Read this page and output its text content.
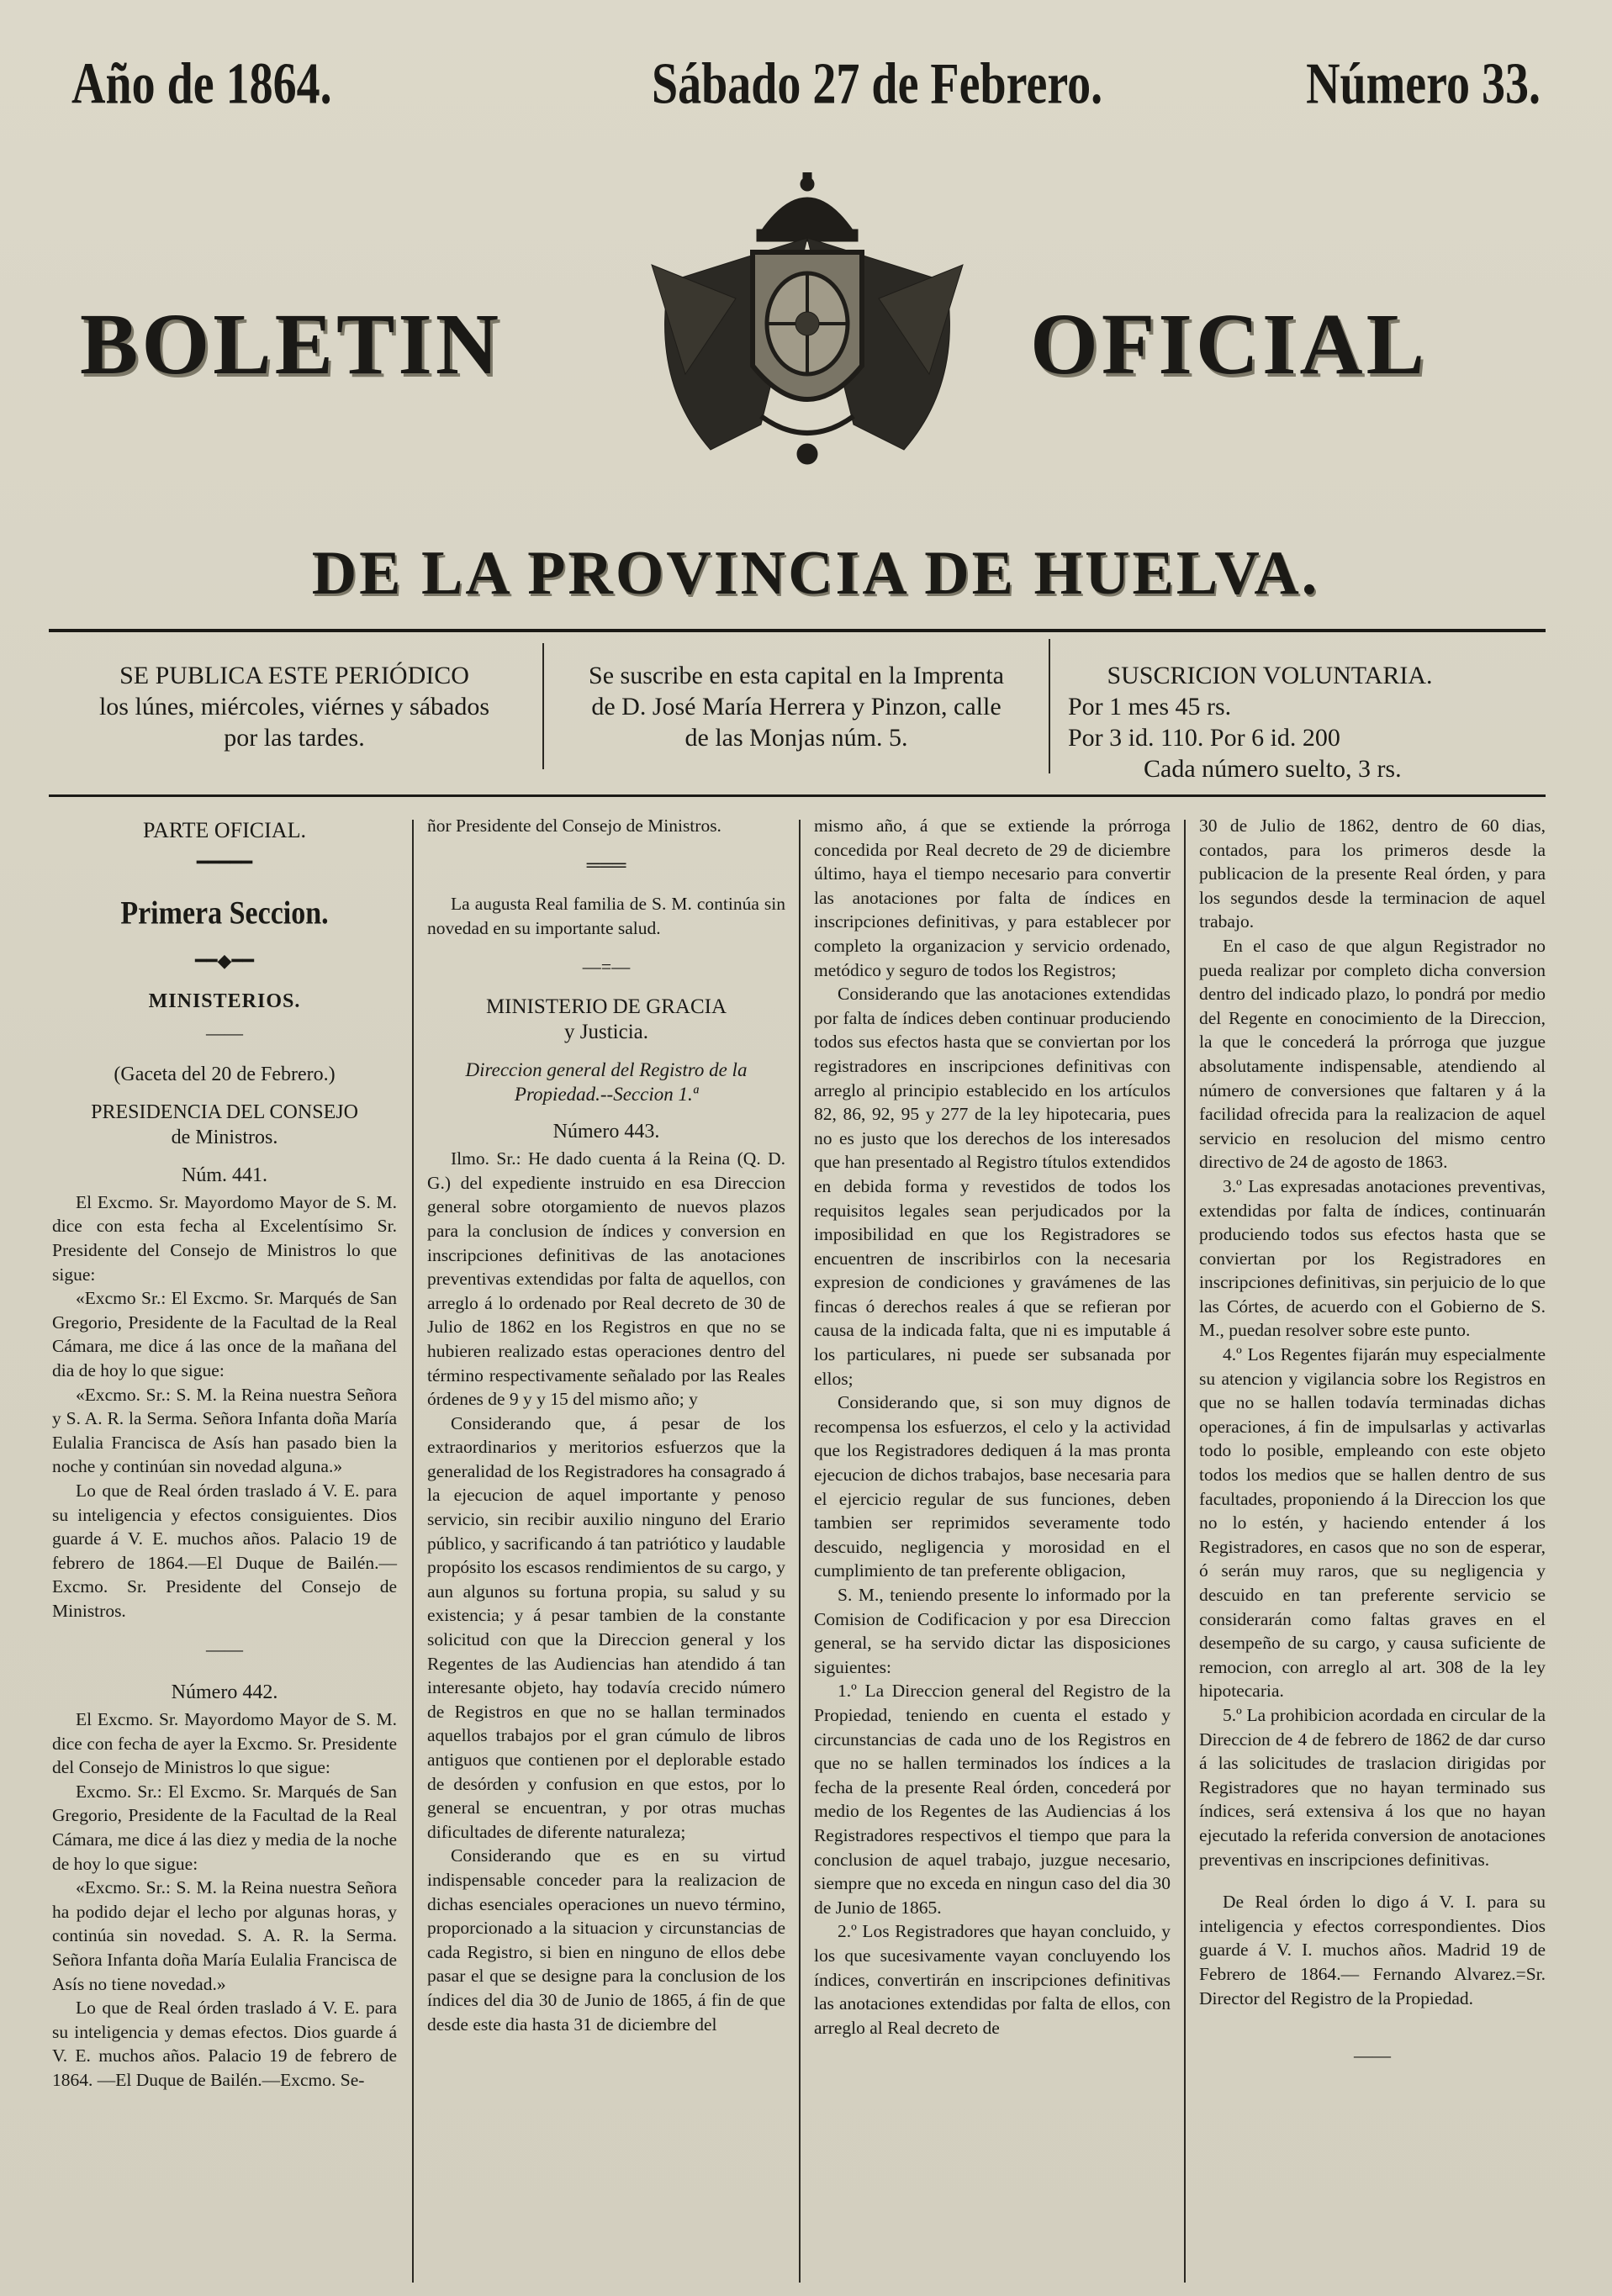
Año de 1864.	Sábado 27 de Febrero.	Número 33.
BOLETIN	OFICIAL
DE LA PROVINCIA DE HUELVA.
SE PUBLICA ESTE PERIÓDICO
los lúnes, miércoles, viérnes y sábados
por las tardes.
Se suscribe en esta capital en la Imprenta
de D. José María Herrera y Pinzon, calle
de las Monjas núm. 5.
SUSCRICION VOLUNTARIA.
Por 1 mes 45 rs.
Por 3 id. 110. Por 6 id. 200
Cada número suelto, 3 rs.

PARTE OFICIAL.

━━━━━

Primera Seccion.

━━◆━━

MINISTERIOS.

——

(Gaceta del 20 de Febrero.)

PRESIDENCIA DEL CONSEJO

de Ministros.

Núm. 441.

El Excmo. Sr. Mayordomo Mayor de S. M. dice con esta fecha al Excelentísimo Sr. Presidente del Consejo de Ministros lo que sigue:

«Excmo Sr.: El Excmo. Sr. Marqués de San Gregorio, Presidente de la Facultad de la Real Cámara, me dice á las once de la mañana del dia de hoy lo que sigue:

«Excmo. Sr.: S. M. la Reina nuestra Señora y S. A. R. la Serma. Señora Infanta doña María Eulalia Francisca de Asís han pasado bien la noche y continúan sin novedad alguna.»

Lo que de Real órden traslado á V. E. para su inteligencia y efectos consiguientes. Dios guarde á V. E. muchos años. Palacio 19 de febrero de 1864.—El Duque de Bailén.—Excmo. Sr. Presidente del Consejo de Ministros.

——

Número 442.

El Excmo. Sr. Mayordomo Mayor de S. M. dice con fecha de ayer la Excmo. Sr. Presidente del Consejo de Ministros lo que sigue:

Excmo. Sr.: El Excmo. Sr. Marqués de San Gregorio, Presidente de la Facultad de la Real Cámara, me dice á las diez y media de la noche de hoy lo que sigue:

«Excmo. Sr.: S. M. la Reina nuestra Señora ha podido dejar el lecho por algunas horas, y continúa sin novedad. S. A. R. la Serma. Señora Infanta doña María Eulalia Francisca de Asís no tiene novedad.»

Lo que de Real órden traslado á V. E. para su inteligencia y demas efectos. Dios guarde á V. E. muchos años. Palacio 19 de febrero de 1864. —El Duque de Bailén.—Excmo. Se-

ñor Presidente del Consejo de Ministros.

═══

La augusta Real familia de S. M. continúa sin novedad en su importante salud.

—=—

MINISTERIO DE GRACIA

y Justicia.

Direccion general del Registro de la Propiedad.--Seccion 1.ª

Número 443.

Ilmo. Sr.: He dado cuenta á la Reina (Q. D. G.) del expediente instruido en esa Direccion general sobre otorgamiento de nuevos plazos para la conclusion de índices y conversion en inscripciones definitivas de las anotaciones preventivas extendidas por falta de aquellos, con arreglo á lo ordenado por Real decreto de 30 de Julio de 1862 en los Registros en que no se hubieren realizado estas operaciones dentro del término respectivamente señalado por las Reales órdenes de 9 y y 15 del mismo año; y

Considerando que, á pesar de los extraordinarios y meritorios esfuerzos que la generalidad de los Registradores ha consagrado á la ejecucion de aquel importante y penoso servicio, sin recibir auxilio ninguno del Erario público, y sacrificando á tan patriótico y laudable propósito los escasos rendimientos de su cargo, y aun algunos su fortuna propia, su salud y su existencia; y á pesar tambien de la constante solicitud con que la Direccion general y los Regentes de las Audiencias han atendido á tan interesante objeto, hay todavía crecido número de Registros en que no se hallan terminados aquellos trabajos por el gran cúmulo de libros antiguos que contienen por el deplorable estado de desórden y confusion en que estos, por lo general se encuentran, y por otras muchas dificultades de diferente naturaleza;

Considerando que es en su virtud indispensable conceder para la realizacion de dichas esenciales operaciones un nuevo término, proporcionado a la situacion y circunstancias de cada Registro, si bien en ninguno de ellos debe pasar el que se designe para la conclusion de los índices del dia 30 de Junio de 1865, á fin de que desde este dia hasta 31 de diciembre del

mismo año, á que se extiende la prórroga concedida por Real decreto de 29 de diciembre último, haya el tiempo necesario para convertir las anotaciones por falta de índices en inscripciones definitivas, y para establecer por completo la organizacion y servicio ordenado, metódico y seguro de todos los Registros;

Considerando que las anotaciones extendidas por falta de índices deben continuar produciendo todos sus efectos hasta que se conviertan por los registradores en inscripciones definitivas con arreglo al principio establecido en los artículos 82, 86, 92, 95 y 277 de la ley hipotecaria, pues no es justo que los derechos de los interesados que han presentado al Registro títulos extendidos en debida forma y revestidos de todos los requisitos legales sean perjudicados por la imposibilidad en que los Registradores se encuentren de inscribirlos con la necesaria expresion de condiciones y gravámenes de las fincas ó derechos reales á que se refieran por causa de la indicada falta, que ni es imputable á los particulares, ni puede ser subsanada por ellos;

Considerando que, si son muy dignos de recompensa los esfuerzos, el celo y la actividad que los Registradores dediquen á la mas pronta ejecucion de dichos trabajos, base necesaria para el ejercicio regular de sus funciones, deben tambien ser reprimidos severamente todo descuido, negligencia y morosidad en el cumplimiento de tan preferente obligacion,

S. M., teniendo presente lo informado por la Comision de Codificacion y por esa Direccion general, se ha servido dictar las disposiciones siguientes:

1.º La Direccion general del Registro de la Propiedad, teniendo en cuenta el estado y circunstancias de cada uno de los Registros en que no se hallen terminados los índices a la fecha de la presente Real órden, concederá por medio de los Regentes de las Audiencias á los Registradores respectivos el tiempo que para la conclusion de aquel trabajo, juzgue necesario, siempre que no exceda en ningun caso del dia 30 de Junio de 1865.

2.º Los Registradores que hayan concluido, y los que sucesivamente vayan concluyendo los índices, convertirán en inscripciones definitivas las anotaciones extendidas por falta de ellos, con arreglo al Real decreto de

30 de Julio de 1862, dentro de 60 dias, contados, para los primeros desde la publicacion de la presente Real órden, y para los segundos desde la terminacion de aquel trabajo.

En el caso de que algun Registrador no pueda realizar por completo dicha conversion dentro del indicado plazo, lo pondrá por medio del Regente en conocimiento de la Direccion, la que le concederá la prórroga que juzgue absolutamente indispensable, atendiendo al número de conversiones que faltaren y á la facilidad ofrecida para la realizacion de aquel servicio en resolucion del mismo centro directivo de 24 de agosto de 1863.

3.º Las expresadas anotaciones preventivas, extendidas por falta de índices, continuarán produciendo todos sus efectos hasta que se conviertan por los Registradores en inscripciones definitivas, sin perjuicio de lo que las Córtes, de acuerdo con el Gobierno de S. M., puedan resolver sobre este punto.

4.º Los Regentes fijarán muy especialmente su atencion y vigilancia sobre los Registros en que no se hallen todavía terminadas dichas operaciones, á fin de impulsarlas y activarlas todo lo posible, empleando con este objeto todos los medios que se hallen dentro de sus facultades, proponiendo á la Direccion los que no lo estén, y haciendo entender á los Registradores, en casos que no son de esperar, ó serán muy raros, que su negligencia y descuido en tan preferente servicio se considerarán como faltas graves en el desempeño de su cargo, y causa suficiente de remocion, con arreglo al art. 308 de la ley hipotecaria.

5.º La prohibicion acordada en circular de la Direccion de 4 de febrero de 1862 de dar curso á las solicitudes de traslacion dirigidas por Registradores que no hayan terminado sus índices, será extensiva á los que no hayan ejecutado la referida conversion de anotaciones preventivas en inscripciones definitivas.

De Real órden lo digo á V. I. para su inteligencia y efectos correspondientes. Dios guarde á V. I. muchos años. Madrid 19 de Febrero de 1864.— Fernando Alvarez.=Sr. Director del Registro de la Propiedad.

——
